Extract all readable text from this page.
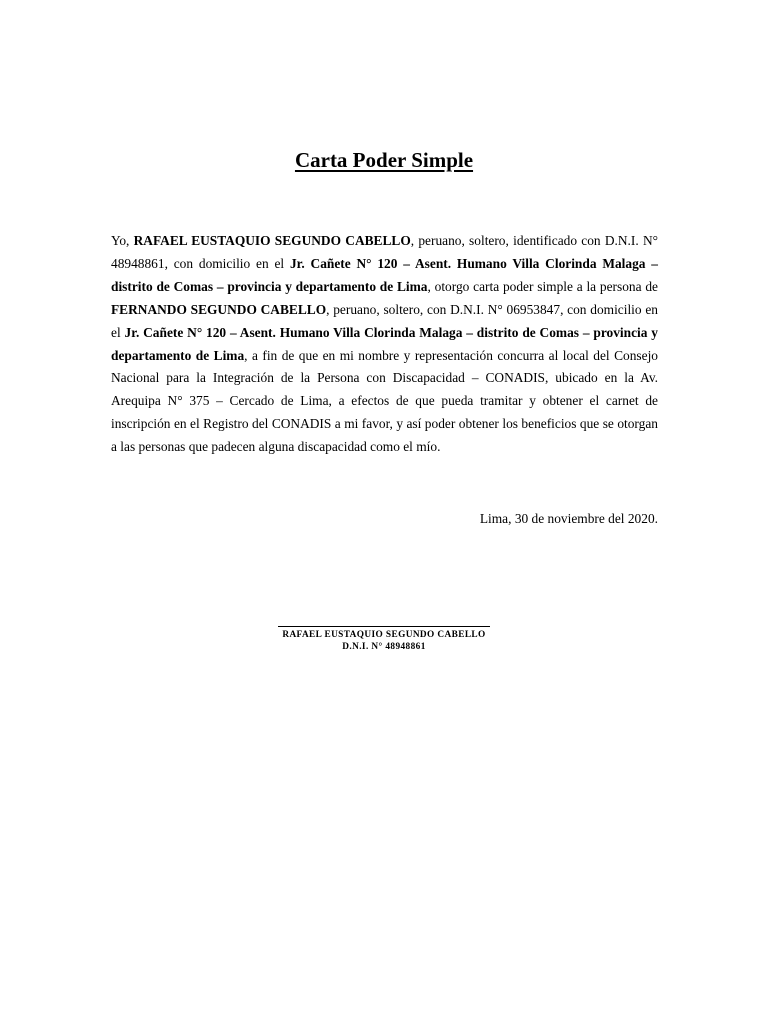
Carta Poder Simple

Yo, RAFAEL EUSTAQUIO SEGUNDO CABELLO, peruano, soltero, identificado con D.N.I. N° 48948861, con domicilio en el Jr. Cañete N° 120 – Asent. Humano Villa Clorinda Malaga – distrito de Comas – provincia y departamento de Lima, otorgo carta poder simple a la persona de FERNANDO SEGUNDO CABELLO, peruano, soltero, con D.N.I. N° 06953847, con domicilio en el Jr. Cañete N° 120 – Asent. Humano Villa Clorinda Malaga – distrito de Comas – provincia y departamento de Lima, a fin de que en mi nombre y representación concurra al local del Consejo Nacional para la Integración de la Persona con Discapacidad – CONADIS, ubicado en la Av. Arequipa N° 375 – Cercado de Lima, a efectos de que pueda tramitar y obtener el carnet de inscripción en el Registro del CONADIS a mi favor, y así poder obtener los beneficios que se otorgan a las personas que padecen alguna discapacidad como el mío.

Lima, 30 de noviembre del 2020.

RAFAEL EUSTAQUIO SEGUNDO CABELLO

D.N.I. N° 48948861
